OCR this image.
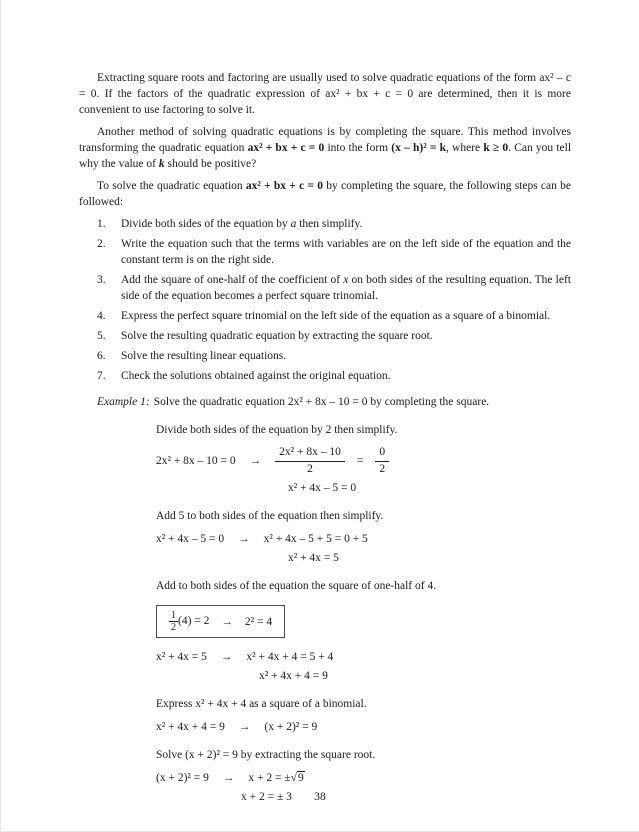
Extracting square roots and factoring are usually used to solve quadratic equations of the form ax² – c = 0. If the factors of the quadratic expression of ax² + bx + c = 0 are determined, then it is more convenient to use factoring to solve it.

Another method of solving quadratic equations is by completing the square. This method involves transforming the quadratic equation ax² + bx + c = 0 into the form (x – h)² = k, where k ≥ 0. Can you tell why the value of k should be positive?

To solve the quadratic equation ax² + bx + c = 0 by completing the square, the following steps can be followed:

1.	Divide both sides of the equation by a then simplify.
2.	Write the equation such that the terms with variables are on the left side of the equation and the constant term is on the right side.
3.	Add the square of one-half of the coefficient of x on both sides of the resulting equation. The left side of the equation becomes a perfect square trinomial.
4.	Express the perfect square trinomial on the left side of the equation as a square of a binomial.
5.	Solve the resulting quadratic equation by extracting the square root.
6.	Solve the resulting linear equations.
7.	Check the solutions obtained against the original equation.
Example 1: Solve the quadratic equation 2x² + 8x – 10 = 0 by completing the square.
Divide both sides of the equation by 2 then simplify.
$2x^2 + 8x - 10 = 0 \to \frac{\text{2x² + 8x – 10}}{2} = \frac{0}{2}$
x² + 4x – 5 = 0
Add 5 to both sides of the equation then simplify.
x² + 4x – 5 = 0 → x² + 4x – 5 + 5 = 0 + 5
x² + 4x = 5
Add to both sides of the equation the square of one-half of 4.
$\frac{1}{2} (4) = 2 \to 2^2 = 4$
x² + 4x = 5 → x² + 4x + 4 = 5 + 4
x² + 4x + 4 = 9
Express x² + 4x + 4 as a square of a binomial.
x² + 4x + 4 = 9 → (x + 2)² = 9
Solve (x + 2)² = 9 by extracting the square root.
(x + 2)² = 9 → x + 2 = ±√9
x + 2 = ± 3	38
